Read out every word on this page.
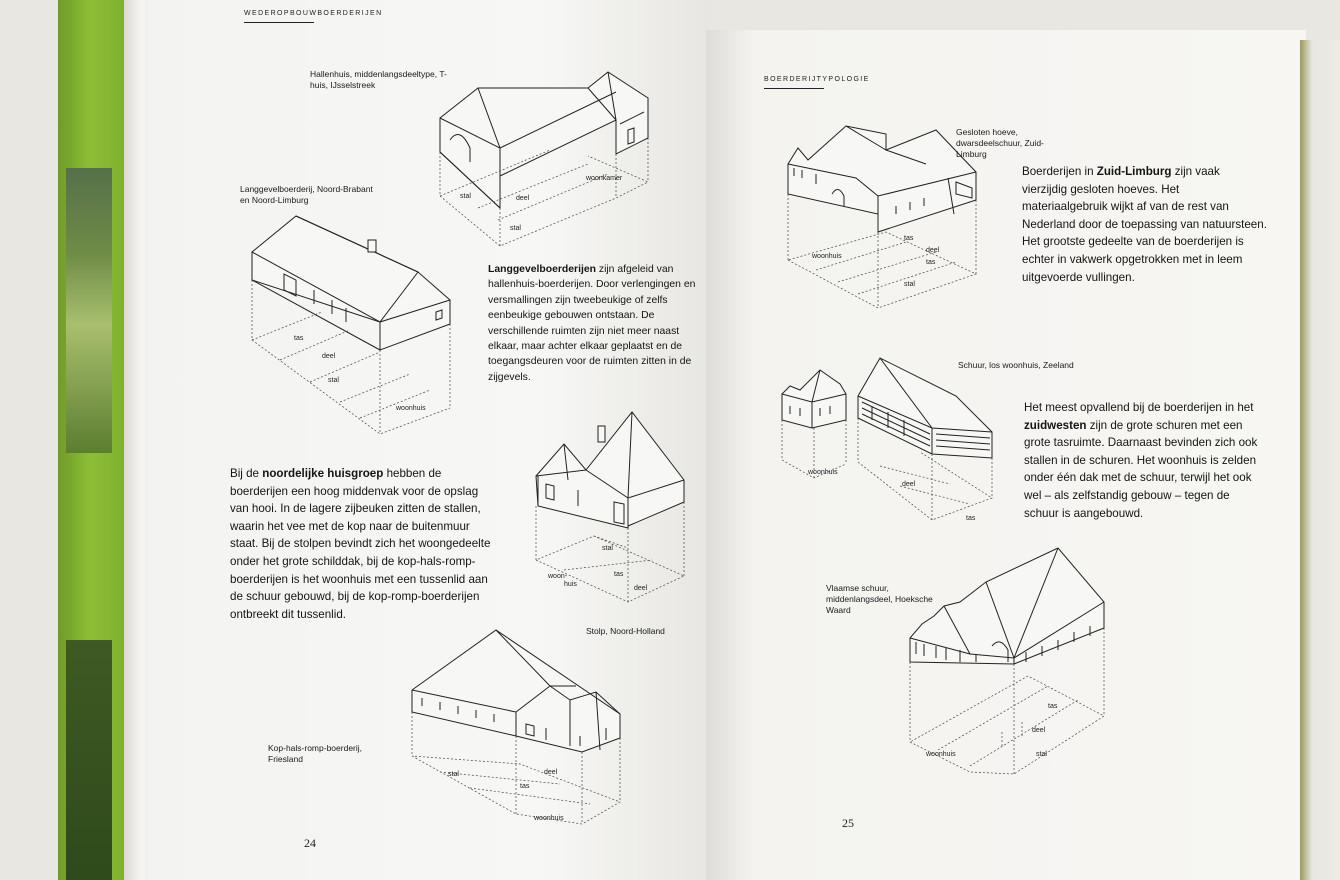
WEDEROPBOUWBOERDERIJEN
Hallenhuis, middenlangsdeeltype, T-huis, IJsselstreek
stal	deel
stal
woonkamer
Langgevelboerderij, Noord-Brabant en Noord-Limburg
tas
deel
stal
woonhuis
Langgevelboerderijen zijn afgeleid van hallenhuis-boerderijen. Door verlengingen en versmallingen zijn tweebeukige of zelfs eenbeukige gebouwen ontstaan. De verschillende ruimten zijn niet meer naast elkaar, maar achter elkaar geplaatst en de toegangsdeuren voor de ruimten zitten in de zijgevels.
Bij de noordelijke huisgroep hebben de boerderijen een hoog middenvak voor de opslag van hooi. In de lagere zijbeuken zitten de stallen, waarin het vee met de kop naar de buitenmuur staat. Bij de stolpen bevindt zich het woongedeelte onder het grote schilddak, bij de kop-hals-romp-boerderijen is het woonhuis met een tussenlid aan de schuur gebouwd, bij de kop-romp-boerderijen ontbreekt dit tussenlid.
stal
woon-
huis
tas
deel
Stolp, Noord-Holland
stal	deel
tas
woonhuis
Kop-hals-romp-boerderij, Friesland
24
BOERDERIJTYPOLOGIE
tas
deel
woonhuis
tas
stal
Gesloten hoeve, dwarsdeelschuur, Zuid-Limburg
Boerderijen in Zuid-Limburg zijn vaak vierzijdig gesloten hoeves. Het materiaalgebruik wijkt af van de rest van Nederland door de toepassing van natuursteen. Het grootste gedeelte van de boerderijen is echter in vakwerk opgetrokken met in leem uitgevoerde vullingen.
Schuur, los woonhuis, Zeeland
woonhuis
deel
tas
Het meest opvallend bij de boerderijen in het zuidwesten zijn de grote schuren met een grote tasruimte. Daarnaast bevinden zich ook stallen in de schuren. Het woonhuis is zelden onder één dak met de schuur, terwijl het ook wel – als zelfstandig gebouw – tegen de schuur is aangebouwd.
Vlaamse schuur, middenlangsdeel, Hoeksche Waard
tas
deel
woonhuis	stal
25
